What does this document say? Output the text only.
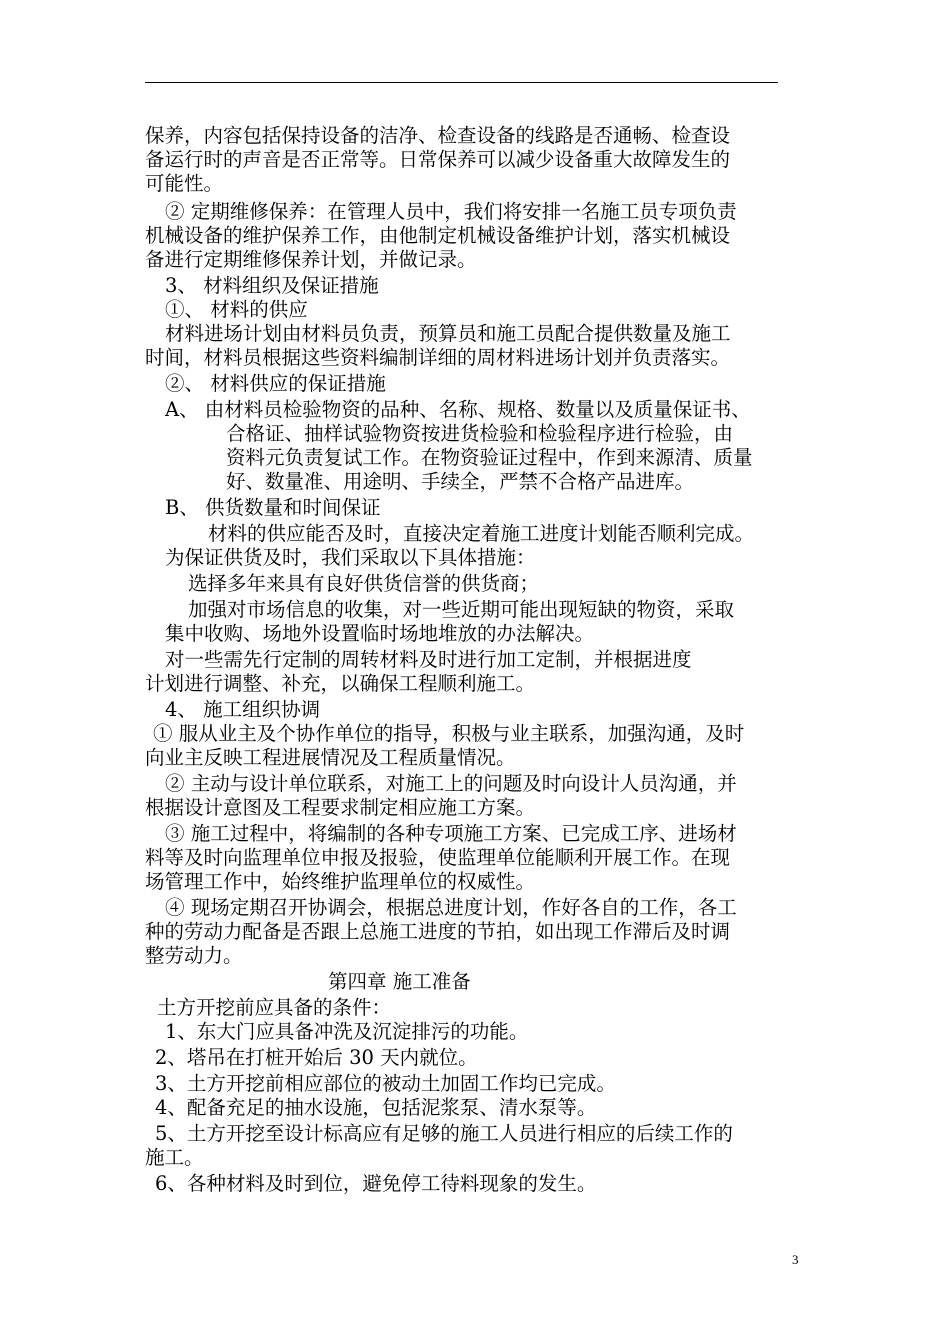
保养，内容包括保持设备的洁净、检查设备的线路是否通畅、检查设
备运行时的声音是否正常等。日常保养可以减少设备重大故障发生的
可能性。
② 定期维修保养：在管理人员中，我们将安排一名施工员专项负责
机械设备的维护保养工作，由他制定机械设备维护计划，落实机械设
备进行定期维修保养计划，并做记录。
3、 材料组织及保证措施
①、 材料的供应
材料进场计划由材料员负责，预算员和施工员配合提供数量及施工
时间，材料员根据这些资料编制详细的周材料进场计划并负责落实。
②、 材料供应的保证措施
A、 由材料员检验物资的品种、名称、规格、数量以及质量保证书、
合格证、抽样试验物资按进货检验和检验程序进行检验，由
资料元负责复试工作。在物资验证过程中，作到来源清、质量
好、数量准、用途明、手续全，严禁不合格产品进库。
B、 供货数量和时间保证
材料的供应能否及时，直接决定着施工进度计划能否顺利完成。
为保证供货及时，我们采取以下具体措施：
选择多年来具有良好供货信誉的供货商；
加强对市场信息的收集，对一些近期可能出现短缺的物资，采取
集中收购、场地外设置临时场地堆放的办法解决。
对一些需先行定制的周转材料及时进行加工定制，并根据进度
计划进行调整、补充，以确保工程顺利施工。
4、 施工组织协调
① 服从业主及个协作单位的指导，积极与业主联系，加强沟通，及时
向业主反映工程进展情况及工程质量情况。
② 主动与设计单位联系，对施工上的问题及时向设计人员沟通，并
根据设计意图及工程要求制定相应施工方案。
③ 施工过程中，将编制的各种专项施工方案、已完成工序、进场材
料等及时向监理单位申报及报验，使监理单位能顺利开展工作。在现
场管理工作中，始终维护监理单位的权威性。
④ 现场定期召开协调会，根据总进度计划，作好各自的工作，各工
种的劳动力配备是否跟上总施工进度的节拍，如出现工作滞后及时调
整劳动力。
第四章 施工准备
土方开挖前应具备的条件：
1、东大门应具备冲洗及沉淀排污的功能。
2、塔吊在打桩开始后 30 天内就位。
3、土方开挖前相应部位的被动土加固工作均已完成。
4、配备充足的抽水设施，包括泥浆泵、清水泵等。
5、土方开挖至设计标高应有足够的施工人员进行相应的后续工作的
施工。
6、各种材料及时到位，避免停工待料现象的发生。
3
